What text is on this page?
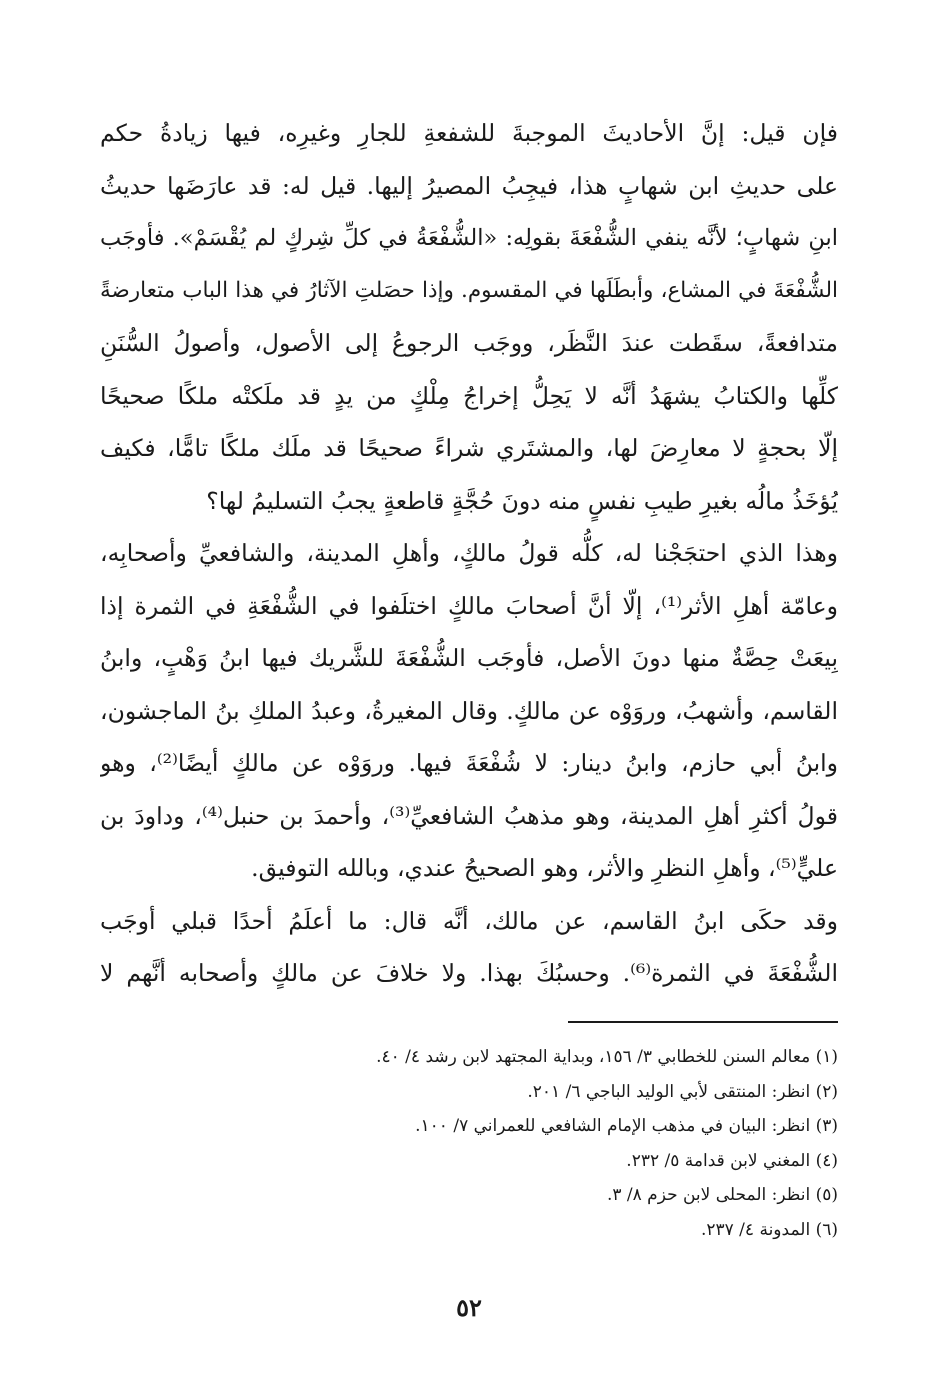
فإن قيل: إنَّ الأحاديثَ الموجبةَ للشفعةِ للجارِ وغيرِه، فيها زيادةُ حكم
على حديثِ ابن شهابٍ هذا، فيجِبُ المصيرُ إليها. قيل له: قد عارَضَها حديثُ
ابنِ شهابٍ؛ لأنَّه ينفي الشُّفْعَةَ بقولِه: «الشُّفْعَةُ في كلِّ شِركٍ لم يُقْسَمْ». فأوجَب
الشُّفْعَةَ في المشاع، وأبطَلَها في المقسوم. وإذا حصَلتِ الآثارُ في هذا الباب متعارضةً
متدافعةً، سقَطت عندَ النَّظَر، ووجَب الرجوعُ إلى الأصول، وأصولُ السُّنَنِ
كلِّها والكتابُ يشهَدُ أنَّه لا يَحِلُّ إخراجُ مِلْكٍ من يدٍ قد ملَكتْه ملكًا صحيحًا
إلّا بحجةٍ لا معارِضَ لها، والمشتَري شراءً صحيحًا قد ملَك ملكًا تامًّا، فكيف
يُؤخَذُ مالُه بغيرِ طيبِ نفسٍ منه دونَ حُجَّةٍ قاطعةٍ يجبُ التسليمُ لها؟
وهذا الذي احتجَجْنا له، كلُّه قولُ مالكٍ، وأهلِ المدينة، والشافعيِّ وأصحابِه،
وعامّة أهلِ الأثر⁽¹⁾، إلّا أنَّ أصحابَ مالكٍ اختلَفوا في الشُّفْعَةِ في الثمرة إذا
بِيعَتْ حِصَّةٌ منها دونَ الأصل، فأوجَب الشُّفْعَةَ للشَّريك فيها ابنُ وَهْبٍ، وابنُ
القاسم، وأشهبُ، وروَوْه عن مالكٍ. وقال المغيرةُ، وعبدُ الملكِ بنُ الماجشون،
وابنُ أبي حازم، وابنُ دينار: لا شُفْعَةَ فيها. وروَوْه عن مالكٍ أيضًا⁽²⁾، وهو
قولُ أكثرِ أهلِ المدينة، وهو مذهبُ الشافعيِّ⁽³⁾، وأحمدَ بن حنبل⁽⁴⁾، وداودَ بن
عليٍّ⁽⁵⁾، وأهلِ النظرِ والأثر، وهو الصحيحُ عندي، وبالله التوفيق.
وقد حكَى ابنُ القاسم، عن مالك، أنَّه قال: ما أعلَمُ أحدًا قبلي أوجَب
الشُّفْعَةَ في الثمرة⁽⁶⁾. وحسبُكَ بهذا. ولا خلافَ عن مالكٍ وأصحابه أنَّهم لا
(١) معالم السنن للخطابي ٣/ ١٥٦، وبداية المجتهد لابن رشد ٤/ ٤٠.
(٢) انظر: المنتقى لأبي الوليد الباجي ٦/ ٢٠١.
(٣) انظر: البيان في مذهب الإمام الشافعي للعمراني ٧/ ١٠٠.
(٤) المغني لابن قدامة ٥/ ٢٣٢.
(٥) انظر: المحلى لابن حزم ٨/ ٣.
(٦) المدونة ٤/ ٢٣٧.
٥٢
